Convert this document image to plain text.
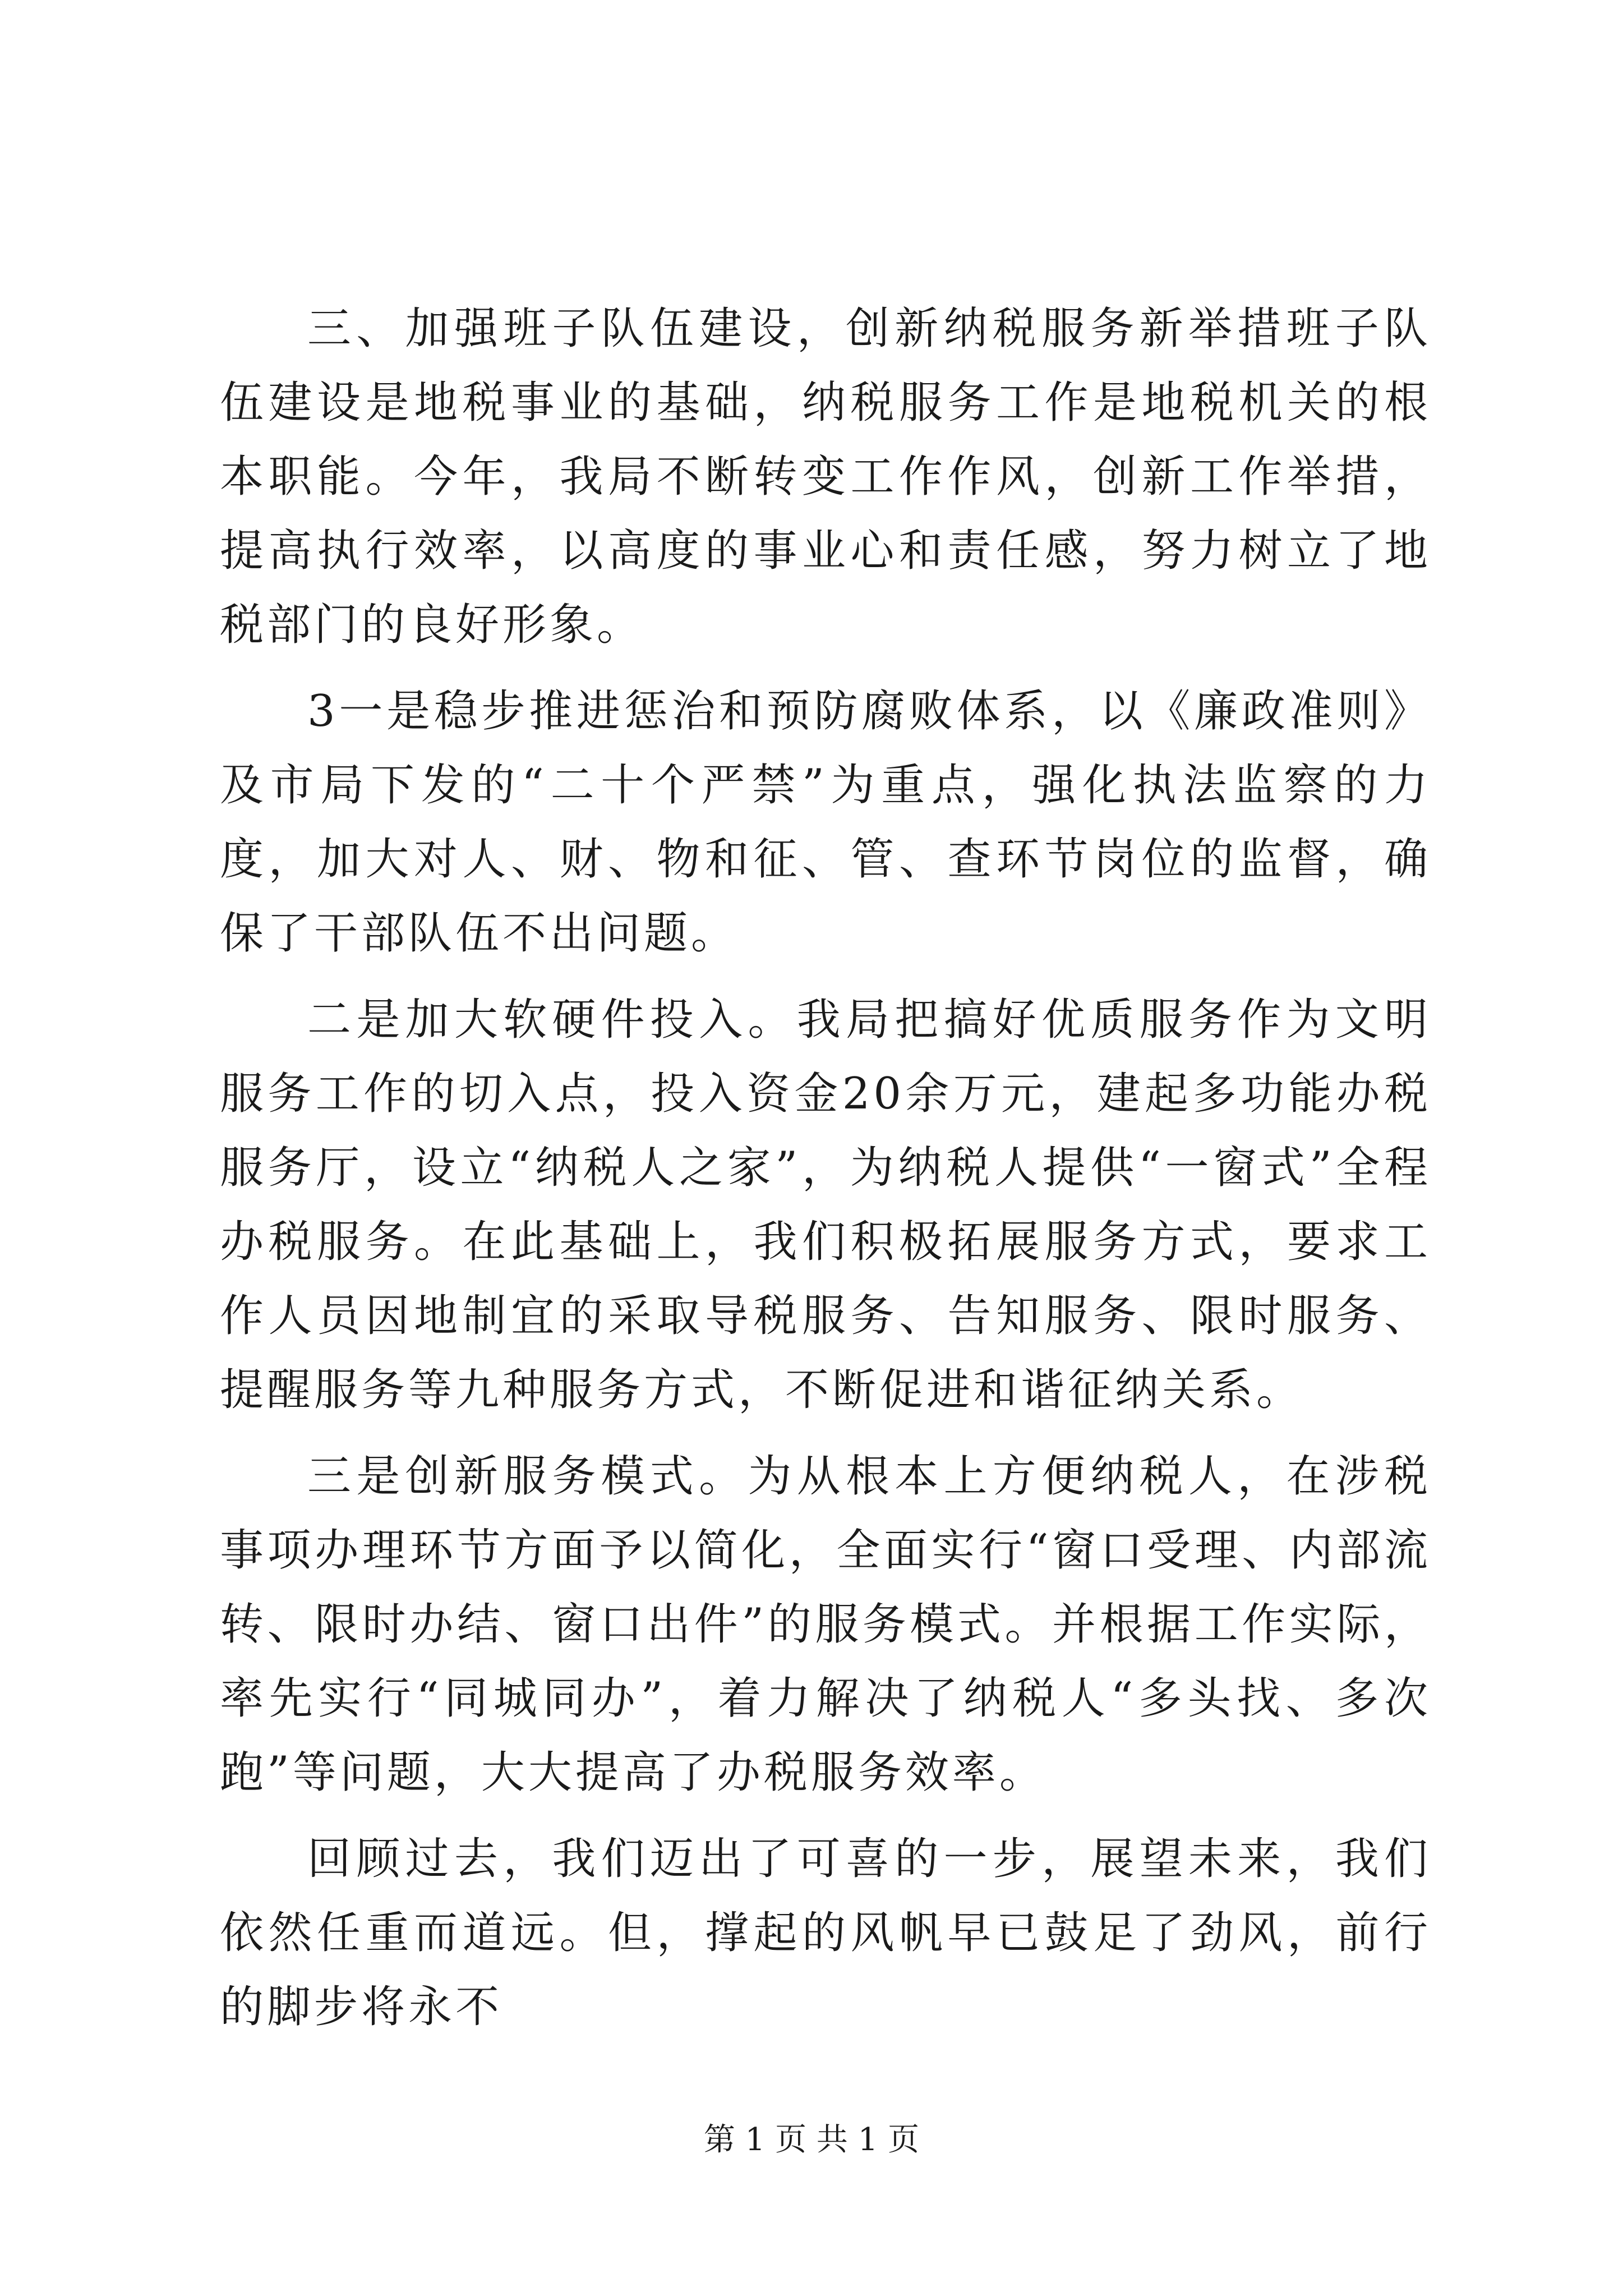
三、加强班子队伍建设，创新纳税服务新举措班子队伍建设是地税事业的基础，纳税服务工作是地税机关的根本职能。今年，我局不断转变工作作风，创新工作举措，提高执行效率，以高度的事业心和责任感，努力树立了地税部门的良好形象。

3一是稳步推进惩治和预防腐败体系，以《廉政准则》及市局下发的“二十个严禁”为重点，强化执法监察的力度，加大对人、财、物和征、管、查环节岗位的监督，确保了干部队伍不出问题。

二是加大软硬件投入。我局把搞好优质服务作为文明服务工作的切入点，投入资金20余万元，建起多功能办税服务厅，设立“纳税人之家”，为纳税人提供“一窗式”全程办税服务。在此基础上，我们积极拓展服务方式，要求工作人员因地制宜的采取导税服务、告知服务、限时服务、提醒服务等九种服务方式，不断促进和谐征纳关系。

三是创新服务模式。为从根本上方便纳税人，在涉税事项办理环节方面予以简化，全面实行“窗口受理、内部流转、限时办结、窗口出件”的服务模式。并根据工作实际，率先实行“同城同办”，着力解决了纳税人“多头找、多次跑”等问题，大大提高了办税服务效率。

回顾过去，我们迈出了可喜的一步，展望未来，我们依然任重而道远。但，撑起的风帆早已鼓足了劲风，前行的脚步将永不

第 1 页 共 1 页
